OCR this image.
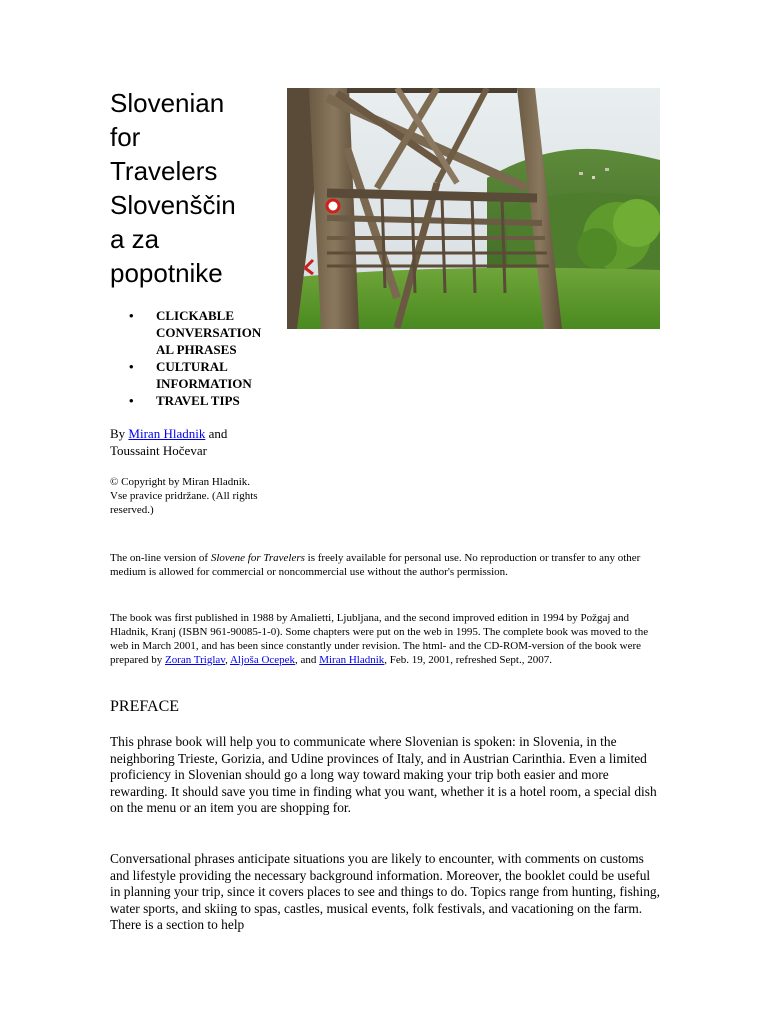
Slovenian
for
Travelers
Slovenščin
a za
popotnike
• CLICKABLE
CONVERSATION
AL PHRASES
• CULTURAL
INFORMATION
• TRAVEL TIPS
By Miran Hladnik and
Toussaint Hočevar
© Copyright by Miran Hladnik.
Vse pravice pridržane. (All rights
reserved.)

The on-line version of Slovene for Travelers is freely available for personal use. No reproduction or transfer to any other medium is allowed for commercial or noncommercial use without the author's permission.

The book was first published in 1988 by Amalietti, Ljubljana, and the second improved edition in 1994 by Požgaj and Hladnik, Kranj (ISBN 961-90085-1-0). Some chapters were put on the web in 1995. The complete book was moved to the web in March 2001, and has been since constantly under revision. The html- and the CD-ROM-version of the book were prepared by Zoran Triglav, Aljoša Ocepek, and Miran Hladnik, Feb. 19, 2001, refreshed Sept., 2007.

PREFACE

This phrase book will help you to communicate where Slovenian is spoken: in Slovenia, in the neighboring Trieste, Gorizia, and Udine provinces of Italy, and in Austrian Carinthia. Even a limited proficiency in Slovenian should go a long way toward making your trip both easier and more rewarding. It should save you time in finding what you want, whether it is a hotel room, a special dish on the menu or an item you are shopping for.

Conversational phrases anticipate situations you are likely to encounter, with comments on customs and lifestyle providing the necessary background information. Moreover, the booklet could be useful in planning your trip, since it covers places to see and things to do. Topics range from hunting, fishing, water sports, and skiing to spas, castles, musical events, folk festivals, and vacationing on the farm. There is a section to help
